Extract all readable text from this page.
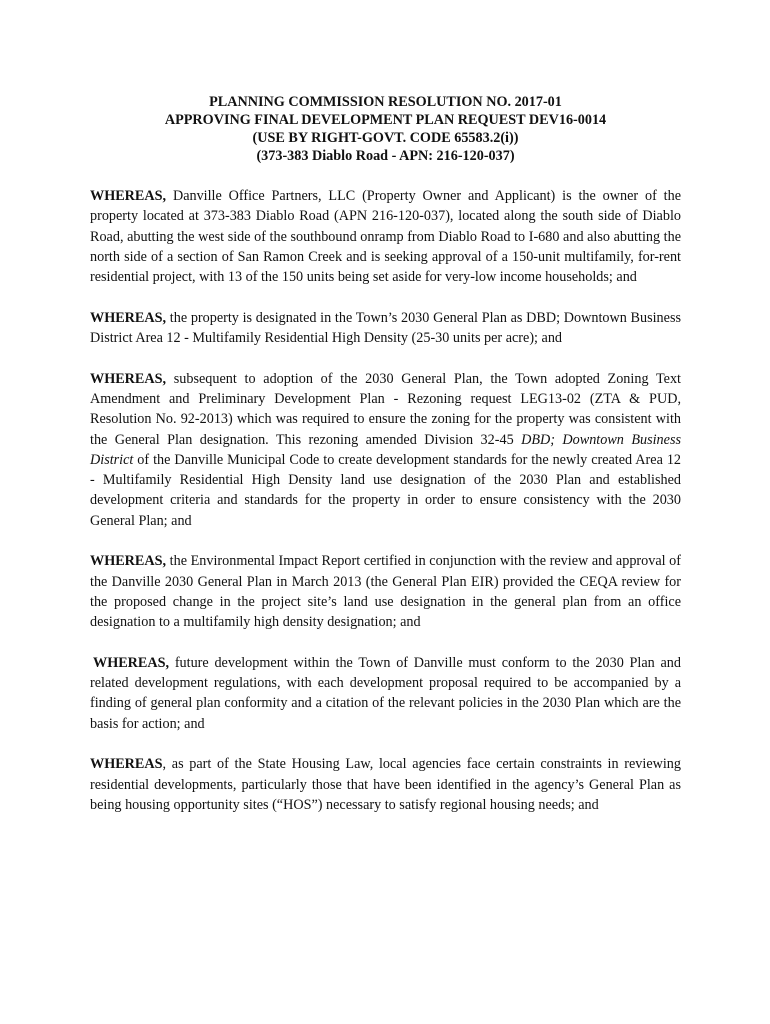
PLANNING COMMISSION RESOLUTION NO. 2017-01
APPROVING FINAL DEVELOPMENT PLAN REQUEST DEV16-0014
(USE BY RIGHT-GOVT. CODE 65583.2(i))
(373-383 Diablo Road - APN: 216-120-037)

WHEREAS, Danville Office Partners, LLC (Property Owner and Applicant) is the owner of the property located at 373-383 Diablo Road (APN 216-120-037), located along the south side of Diablo Road, abutting the west side of the southbound onramp from Diablo Road to I-680 and also abutting the north side of a section of San Ramon Creek and is seeking approval of a 150-unit multifamily, for-rent residential project, with 13 of the 150 units being set aside for very-low income households; and

WHEREAS, the property is designated in the Town’s 2030 General Plan as DBD; Downtown Business District Area 12 - Multifamily Residential High Density (25-30 units per acre); and

WHEREAS, subsequent to adoption of the 2030 General Plan, the Town adopted Zoning Text Amendment and Preliminary Development Plan - Rezoning request LEG13-02 (ZTA & PUD, Resolution No. 92-2013) which was required to ensure the zoning for the property was consistent with the General Plan designation. This rezoning amended Division 32-45 DBD; Downtown Business District of the Danville Municipal Code to create development standards for the newly created Area 12 - Multifamily Residential High Density land use designation of the 2030 Plan and established development criteria and standards for the property in order to ensure consistency with the 2030 General Plan; and

WHEREAS, the Environmental Impact Report certified in conjunction with the review and approval of the Danville 2030 General Plan in March 2013 (the General Plan EIR) provided the CEQA review for the proposed change in the project site’s land use designation in the general plan from an office designation to a multifamily high density designation; and

WHEREAS, future development within the Town of Danville must conform to the 2030 Plan and related development regulations, with each development proposal required to be accompanied by a finding of general plan conformity and a citation of the relevant policies in the 2030 Plan which are the basis for action; and

WHEREAS, as part of the State Housing Law, local agencies face certain constraints in reviewing residential developments, particularly those that have been identified in the agency’s General Plan as being housing opportunity sites (“HOS”) necessary to satisfy regional housing needs; and
